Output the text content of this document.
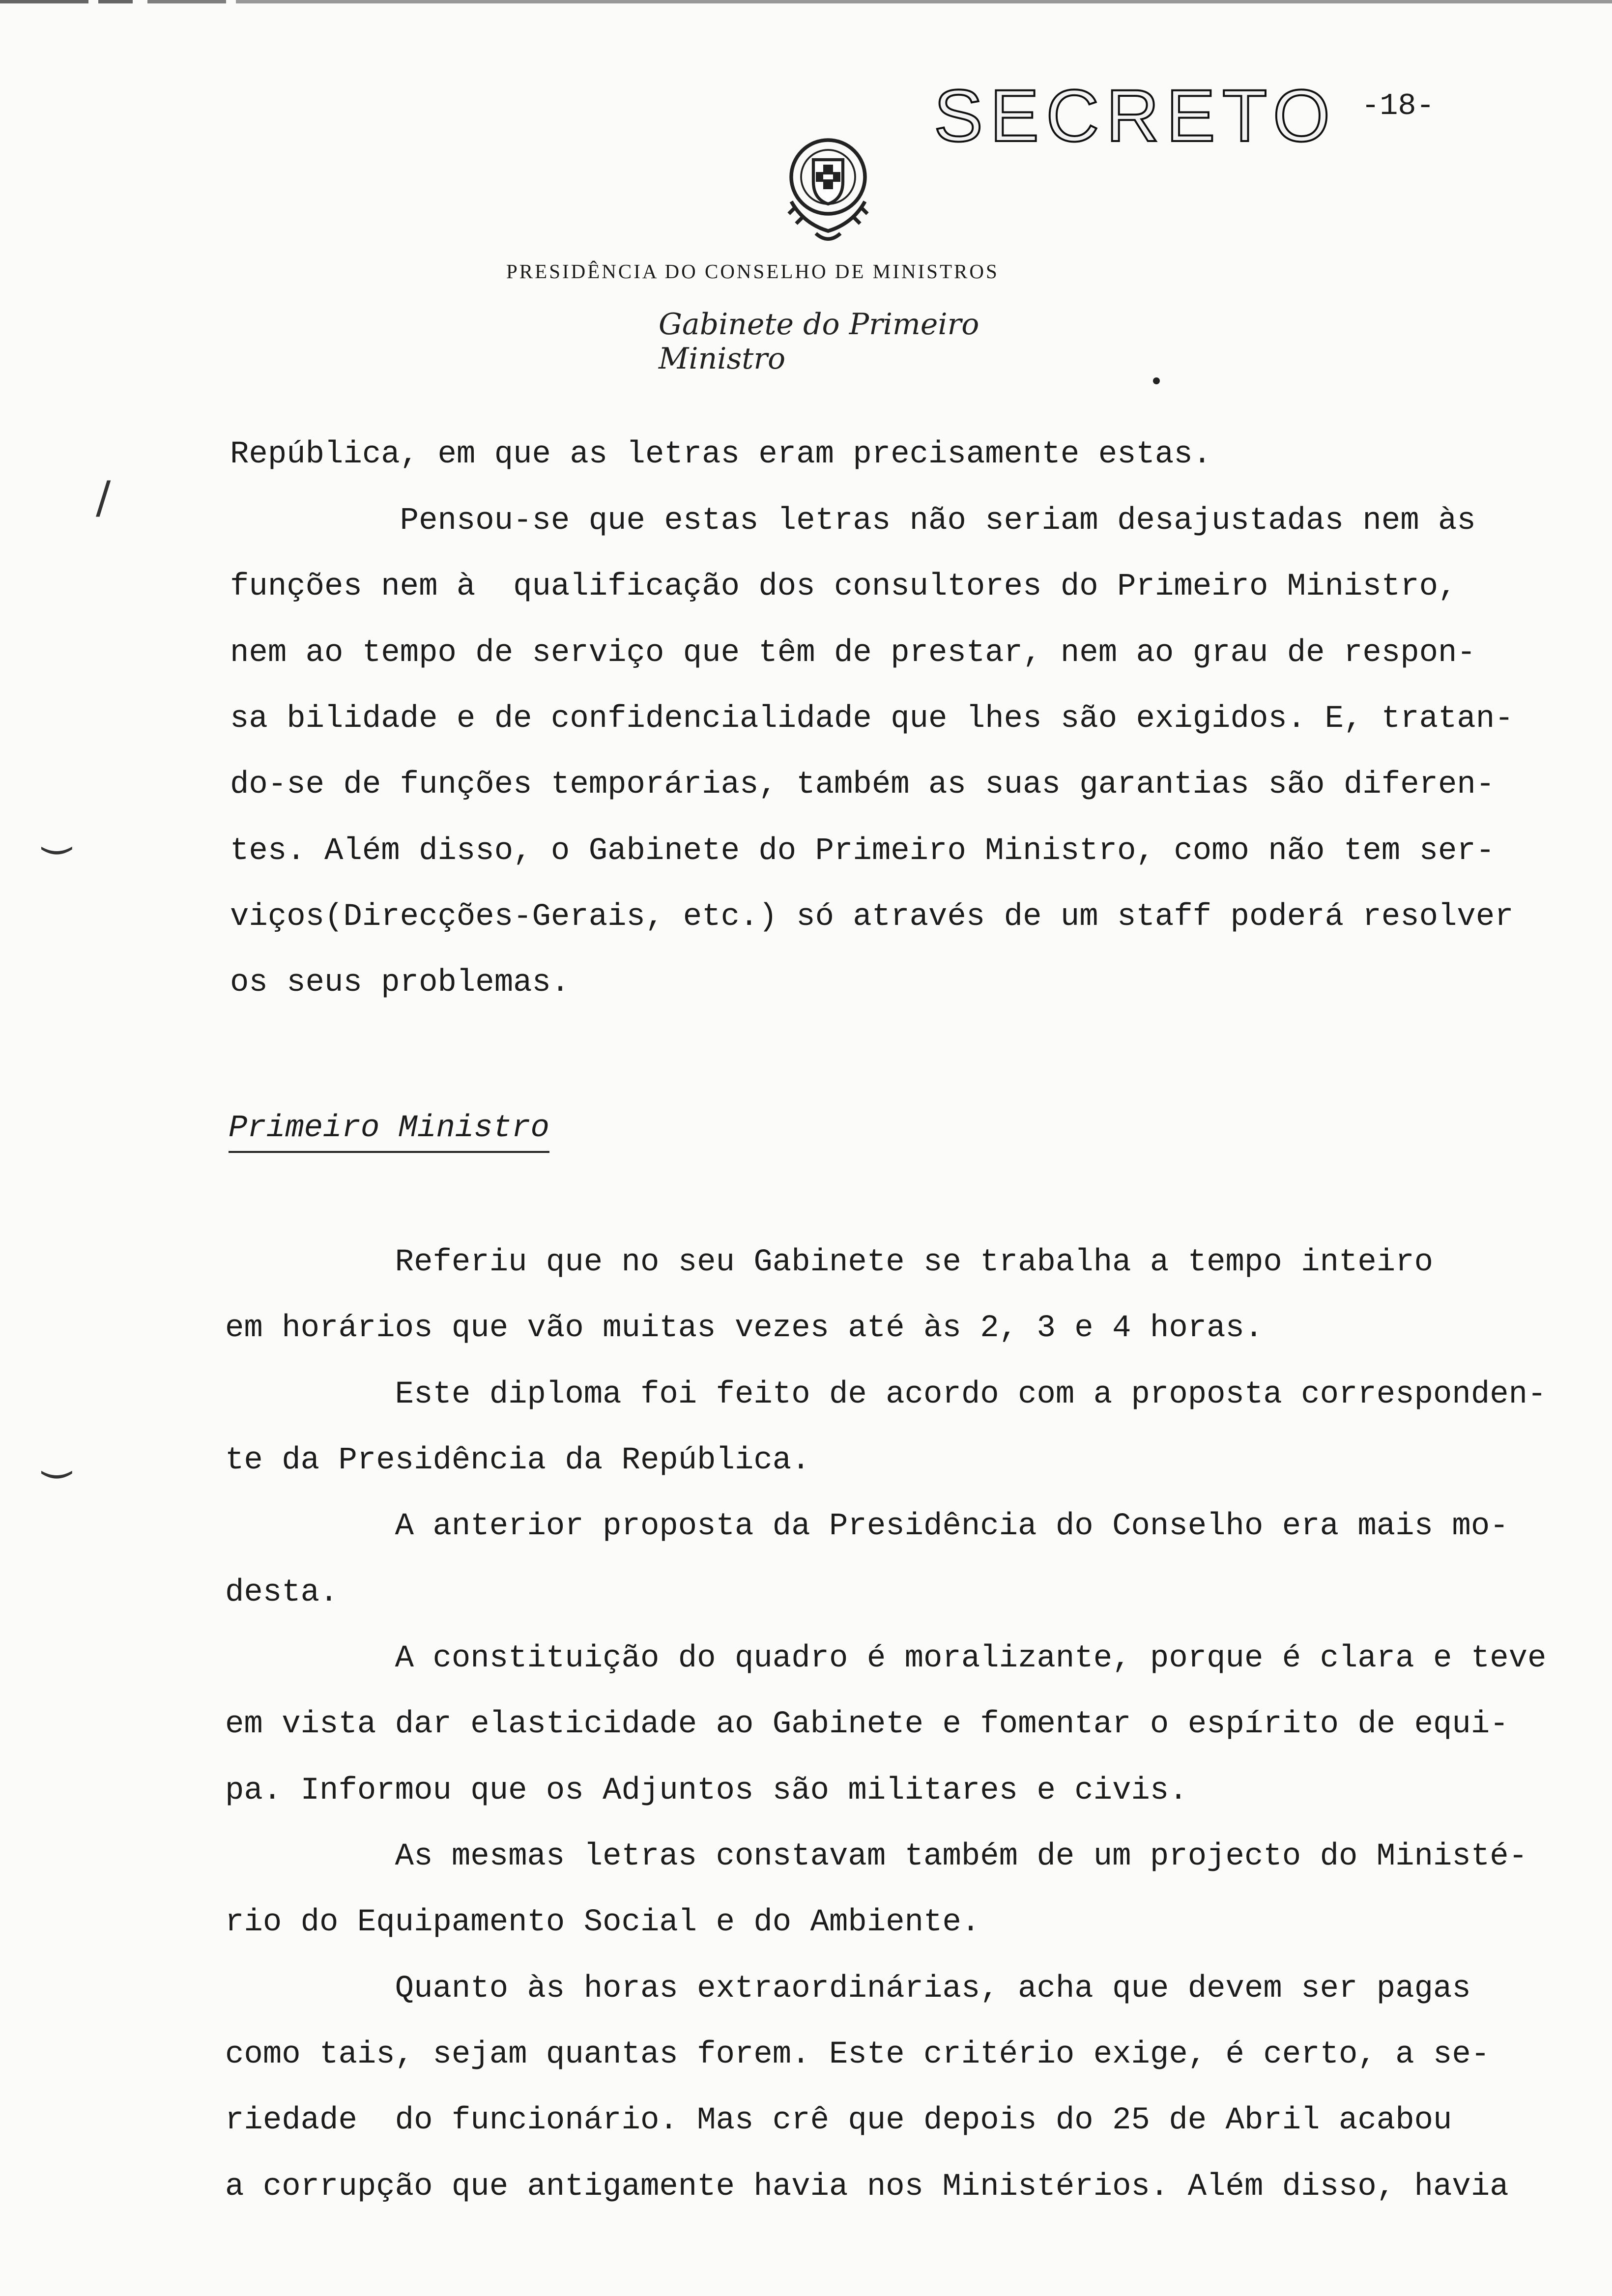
SECRETO -18-
PRESIDÊNCIA DO CONSELHO DE MINISTROS
Gabinete do Primeiro Ministro
/
(
(
República, em que as letras eram precisamente estas.
Pensou-se que estas letras não seriam desajustadas nem às
funções nem à  qualificação dos consultores do Primeiro Ministro,
nem ao tempo de serviço que têm de prestar, nem ao grau de respon-
sa bilidade e de confidencialidade que lhes são exigidos. E, tratan-
do-se de funções temporárias, também as suas garantias são diferen-
tes. Além disso, o Gabinete do Primeiro Ministro, como não tem ser-
viços(Direcções-Gerais, etc.) só através de um staff poderá resolver
os seus problemas.
Primeiro Ministro
Referiu que no seu Gabinete se trabalha a tempo inteiro
em horários que vão muitas vezes até às 2, 3 e 4 horas.
Este diploma foi feito de acordo com a proposta corresponden-
te da Presidência da República.
A anterior proposta da Presidência do Conselho era mais mo-
desta.
A constituição do quadro é moralizante, porque é clara e teve
em vista dar elasticidade ao Gabinete e fomentar o espírito de equi-
pa. Informou que os Adjuntos são militares e civis.
As mesmas letras constavam também de um projecto do Ministé-
rio do Equipamento Social e do Ambiente.
Quanto às horas extraordinárias, acha que devem ser pagas
como tais, sejam quantas forem. Este critério exige, é certo, a se-
riedade  do funcionário. Mas crê que depois do 25 de Abril acabou
a corrupção que antigamente havia nos Ministérios. Além disso, havia
